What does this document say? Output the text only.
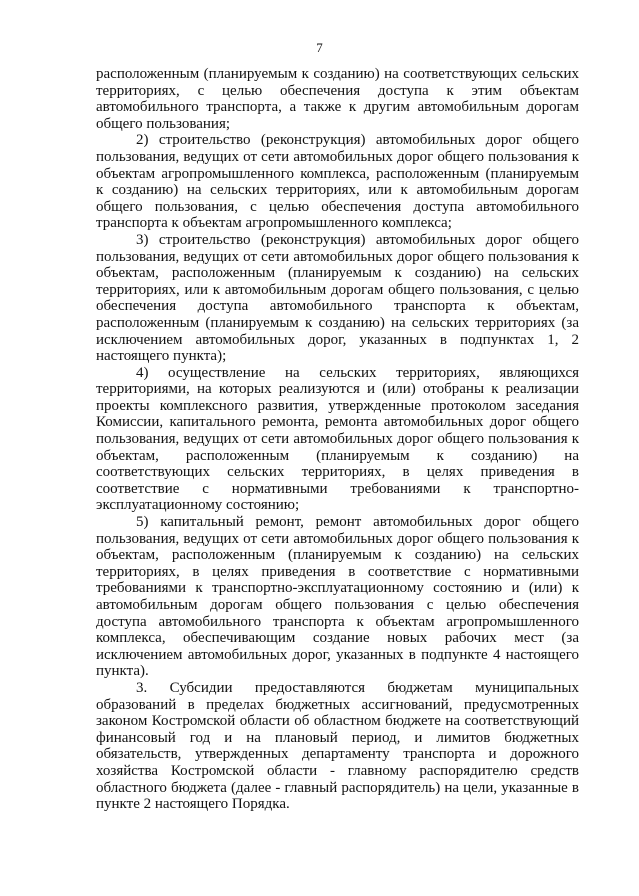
7

расположенным (планируемым к созданию) на соответствующих сельских территориях, с целью обеспечения доступа к этим объектам автомобильного транспорта, а также к другим автомобильным дорогам общего пользования;

2) строительство (реконструкция) автомобильных дорог общего пользования, ведущих от сети автомобильных дорог общего пользования к объектам агропромышленного комплекса, расположенным (планируемым к созданию) на сельских территориях, или к автомобильным дорогам общего пользования, с целью обеспечения доступа автомобильного транспорта к объектам агропромышленного комплекса;

3) строительство (реконструкция) автомобильных дорог общего пользования, ведущих от сети автомобильных дорог общего пользования к объектам, расположенным (планируемым к созданию) на сельских территориях, или к автомобильным дорогам общего пользования, с целью обеспечения доступа автомобильного транспорта к объектам, расположенным (планируемым к созданию) на сельских территориях (за исключением автомобильных дорог, указанных в подпунктах 1, 2 настоящего пункта);

4) осуществление на сельских территориях, являющихся территориями, на которых реализуются и (или) отобраны к реализации проекты комплексного развития, утвержденные протоколом заседания Комиссии, капитального ремонта, ремонта автомобильных дорог общего пользования, ведущих от сети автомобильных дорог общего пользования к объектам, расположенным (планируемым к созданию) на соответствующих сельских территориях, в целях приведения в соответствие с нормативными требованиями к транспортно-эксплуатационному состоянию;

5) капитальный ремонт, ремонт автомобильных дорог общего пользования, ведущих от сети автомобильных дорог общего пользования к объектам, расположенным (планируемым к созданию) на сельских территориях, в целях приведения в соответствие с нормативными требованиями к транспортно-эксплуатационному состоянию и (или) к автомобильным дорогам общего пользования с целью обеспечения доступа автомобильного транспорта к объектам агропромышленного комплекса, обеспечивающим создание новых рабочих мест (за исключением автомобильных дорог, указанных в подпункте 4 настоящего пункта).

3. Субсидии предоставляются бюджетам муниципальных образований в пределах бюджетных ассигнований, предусмотренных законом Костромской области об областном бюджете на соответствующий финансовый год и на плановый период, и лимитов бюджетных обязательств, утвержденных департаменту транспорта и дорожного хозяйства Костромской области - главному распорядителю средств областного бюджета (далее - главный распорядитель) на цели, указанные в пункте 2 настоящего Порядка.
